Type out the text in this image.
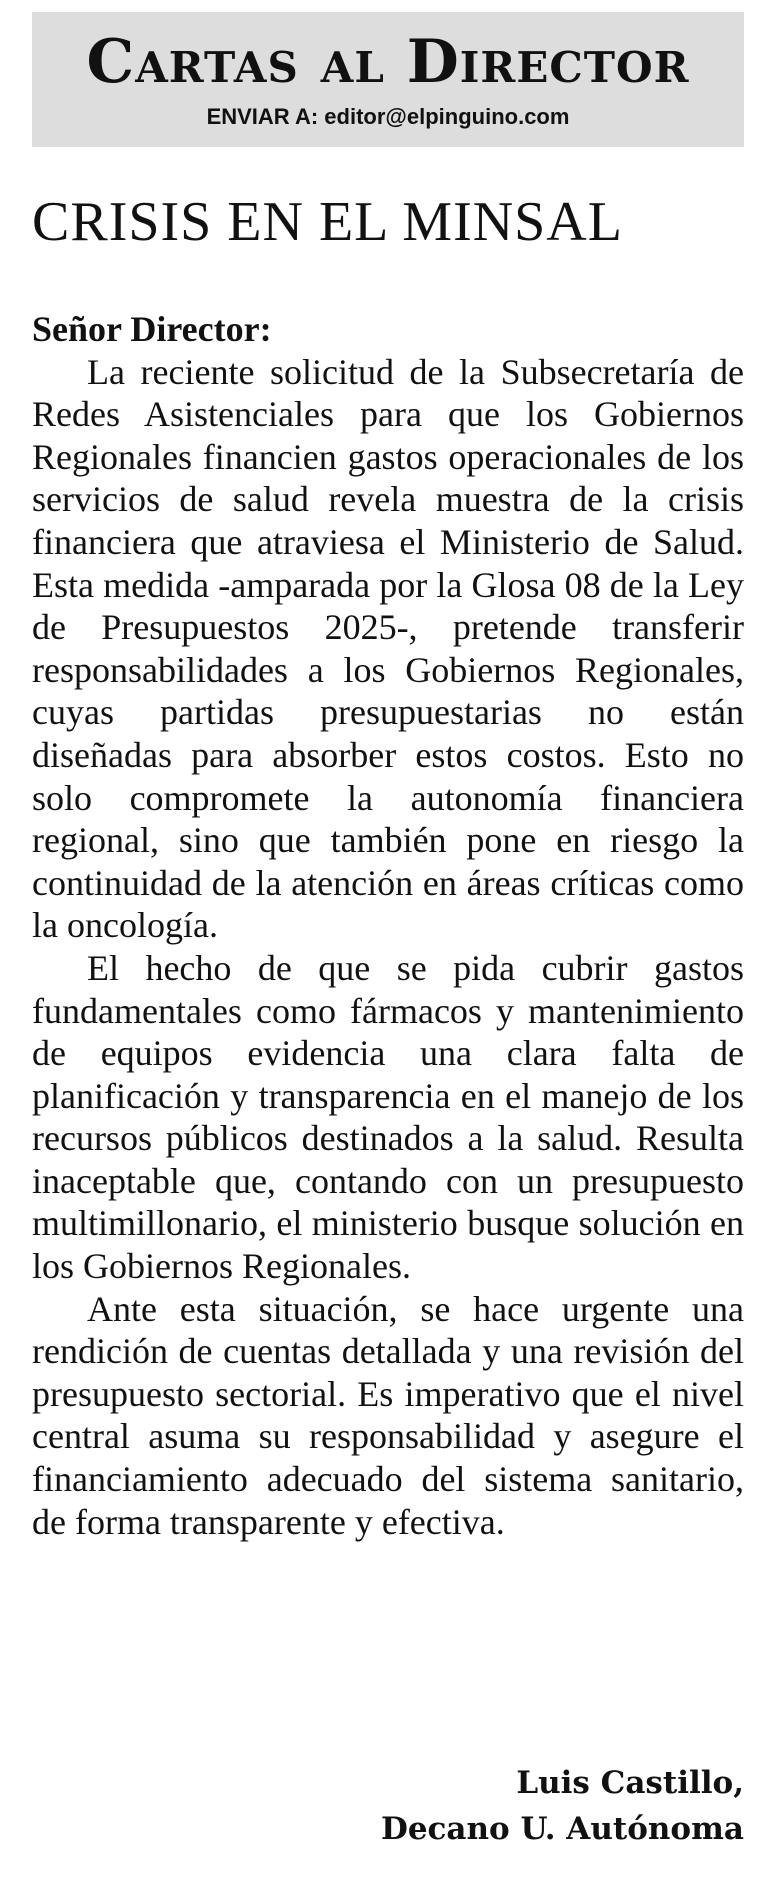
Cartas al Director
ENVIAR A: editor@elpinguino.com
CRISIS EN EL MINSAL

Señor Director:

La reciente solicitud de la Subsecretaría de Redes Asistenciales para que los Gobiernos Regionales financien gastos operacionales de los servicios de salud revela muestra de la crisis financiera que atraviesa el Ministerio de Salud. Esta medida -amparada por la Glosa 08 de la Ley de Presupuestos 2025-, pretende transferir responsabilidades a los Gobiernos Regionales, cuyas partidas presupuestarias no están diseñadas para absorber estos costos. Esto no solo compromete la autonomía financiera regional, sino que también pone en riesgo la continuidad de la atención en áreas críticas como la oncología.

El hecho de que se pida cubrir gastos fundamentales como fármacos y mantenimiento de equipos evidencia una clara falta de planificación y transparencia en el manejo de los recursos públicos destinados a la salud. Resulta inaceptable que, contando con un presupuesto multimillonario, el ministerio busque solución en los Gobiernos Regionales.

Ante esta situación, se hace urgente una rendición de cuentas detallada y una revisión del presupuesto sectorial. Es imperativo que el nivel central asuma su responsabilidad y asegure el financiamiento adecuado del sistema sanitario, de forma transparente y efectiva.

Luis Castillo,
Decano U. Autónoma
